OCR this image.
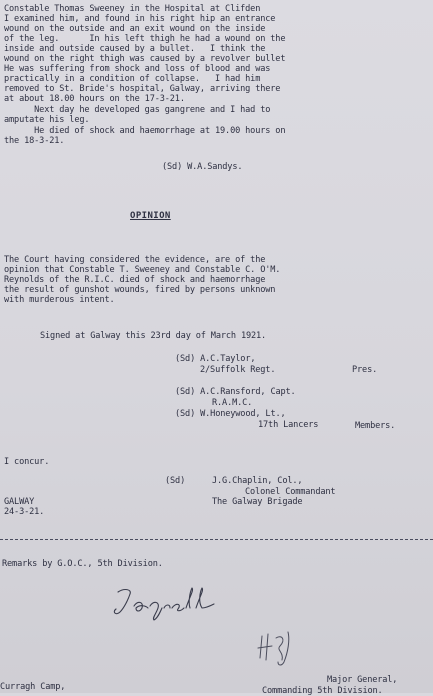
Constable Thomas Sweeney in the Hospital at Clifden
I examined him, and found in his right hip an entrance
wound on the outside and an exit wound on the inside
of the leg.      In his left thigh he had a wound on the
inside and outside caused by a bullet.   I think the
wound on the right thigh was caused by a revolver bullet
He was suffering from shock and loss of blood and was
practically in a condition of collapse.   I had him
removed to St. Bride's hospital, Galway, arriving there
at about 18.00 hours on the 17-3-21.
Next day he developed gas gangrene and I had to
amputate his leg.
He died of shock and haemorrhage at 19.00 hours on
the 18-3-21.
(Sd) W.A.Sandys.
OPINION
The Court having considered the evidence, are of the
opinion that Constable T. Sweeney and Constable C. O'M.
Reynolds of the R.I.C. died of shock and haemorrhage
the result of gunshot wounds, fired by persons unknown
with murderous intent.
Signed at Galway this 23rd day of March 1921.
(Sd) A.C.Taylor,
2/Suffolk Regt.	Pres.
(Sd) A.C.Ransford, Capt.
R.A.M.C.
(Sd) W.Honeywood, Lt.,
17th Lancers	Members.
I concur.
(Sd)	J.G.Chaplin, Col.,
Colonel Commandant
The Galway Brigade
GALWAY
24-3-21.
Remarks by G.O.C., 5th Division.
Curragh Camp,
Major General,
Commanding 5th Division.
